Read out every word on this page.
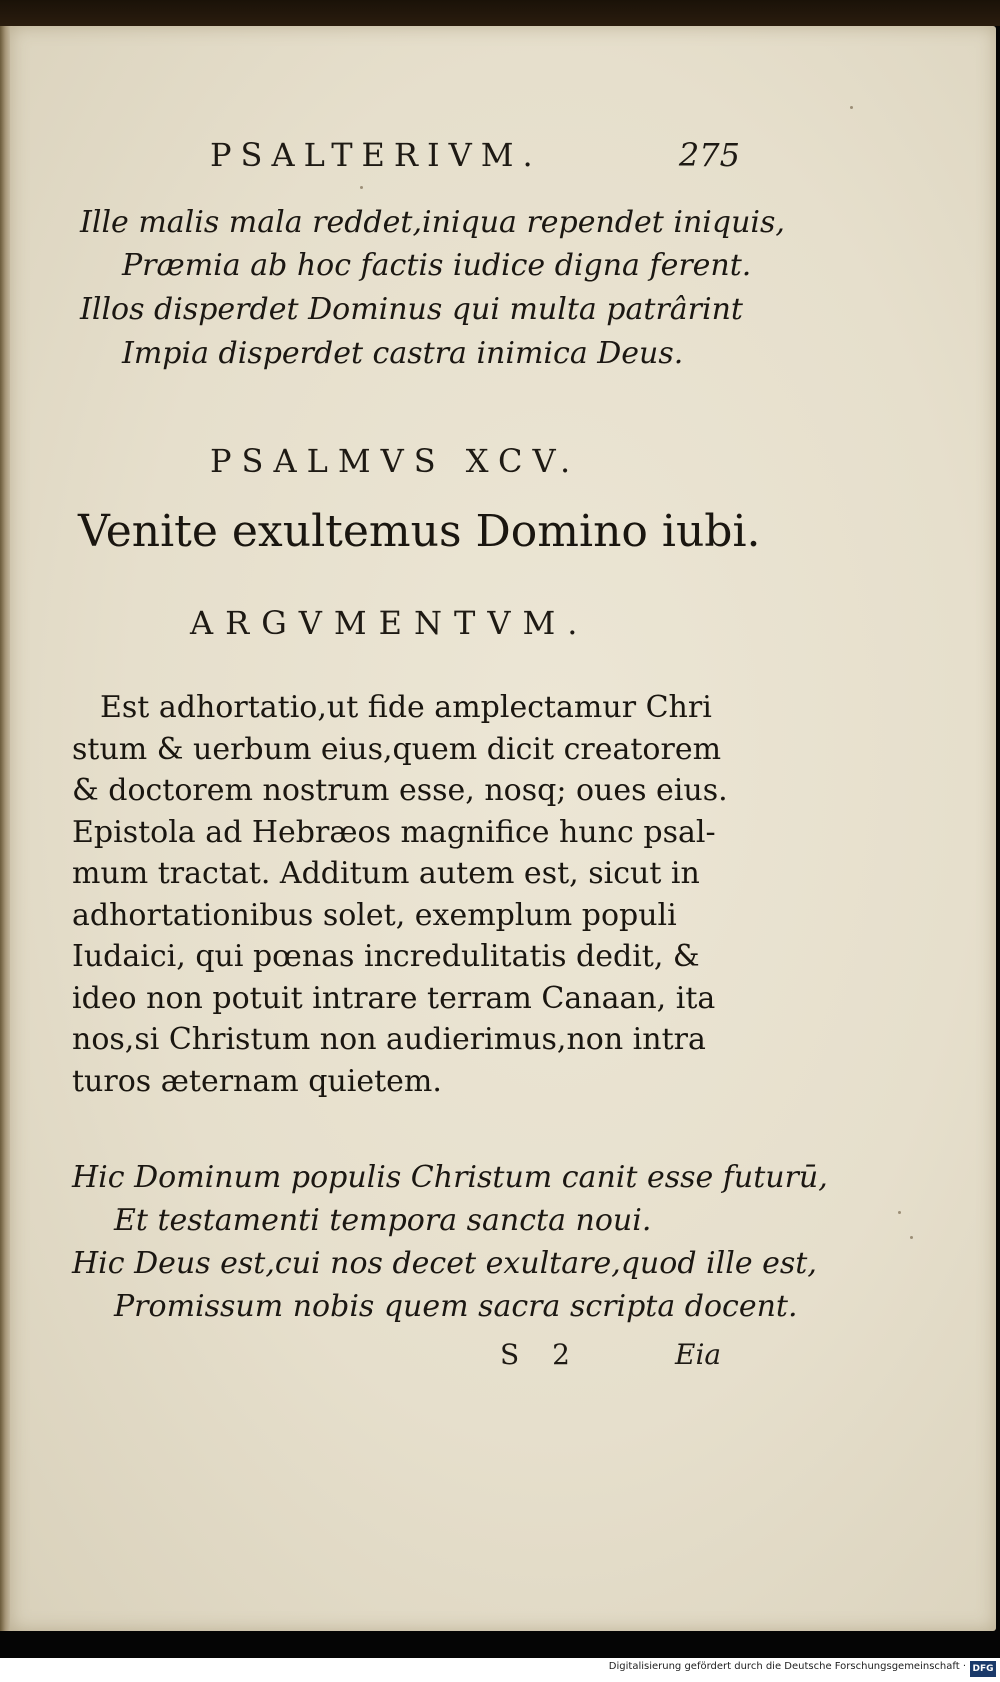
PSALTERIVM.	275
Ille malis mala reddet,iniqua rependet iniquis,
Præmia ab hoc factis iudice digna ferent.
Illos disperdet Dominus qui multa patrârint
Impia disperdet castra inimica Deus.
PSALMVS XCV.
Venite exultemus Domino iubi.
ARGVMENTVM.
Est adhortatio,ut fide amplectamur Chri
stum & uerbum eius,quem dicit creatorem
& doctorem nostrum esse, nosq; oues eius.
Epistola ad Hebræos magnifice hunc psal-
mum tractat. Additum autem est, sicut in
adhortationibus solet, exemplum populi
Iudaici, qui pœnas incredulitatis dedit, &
ideo non potuit intrare terram Canaan, ita
nos,si Christum non audierimus,non intra
turos æternam quietem.
Hic Dominum populis Christum canit esse futurū,
Et testamenti tempora sancta noui.
Hic Deus est,cui nos decet exultare,quod ille est,
Promissum nobis quem sacra scripta docent.
S 2	Eia
Digitalisierung gefördert durch die Deutsche Forschungsgemeinschaft · DFG
